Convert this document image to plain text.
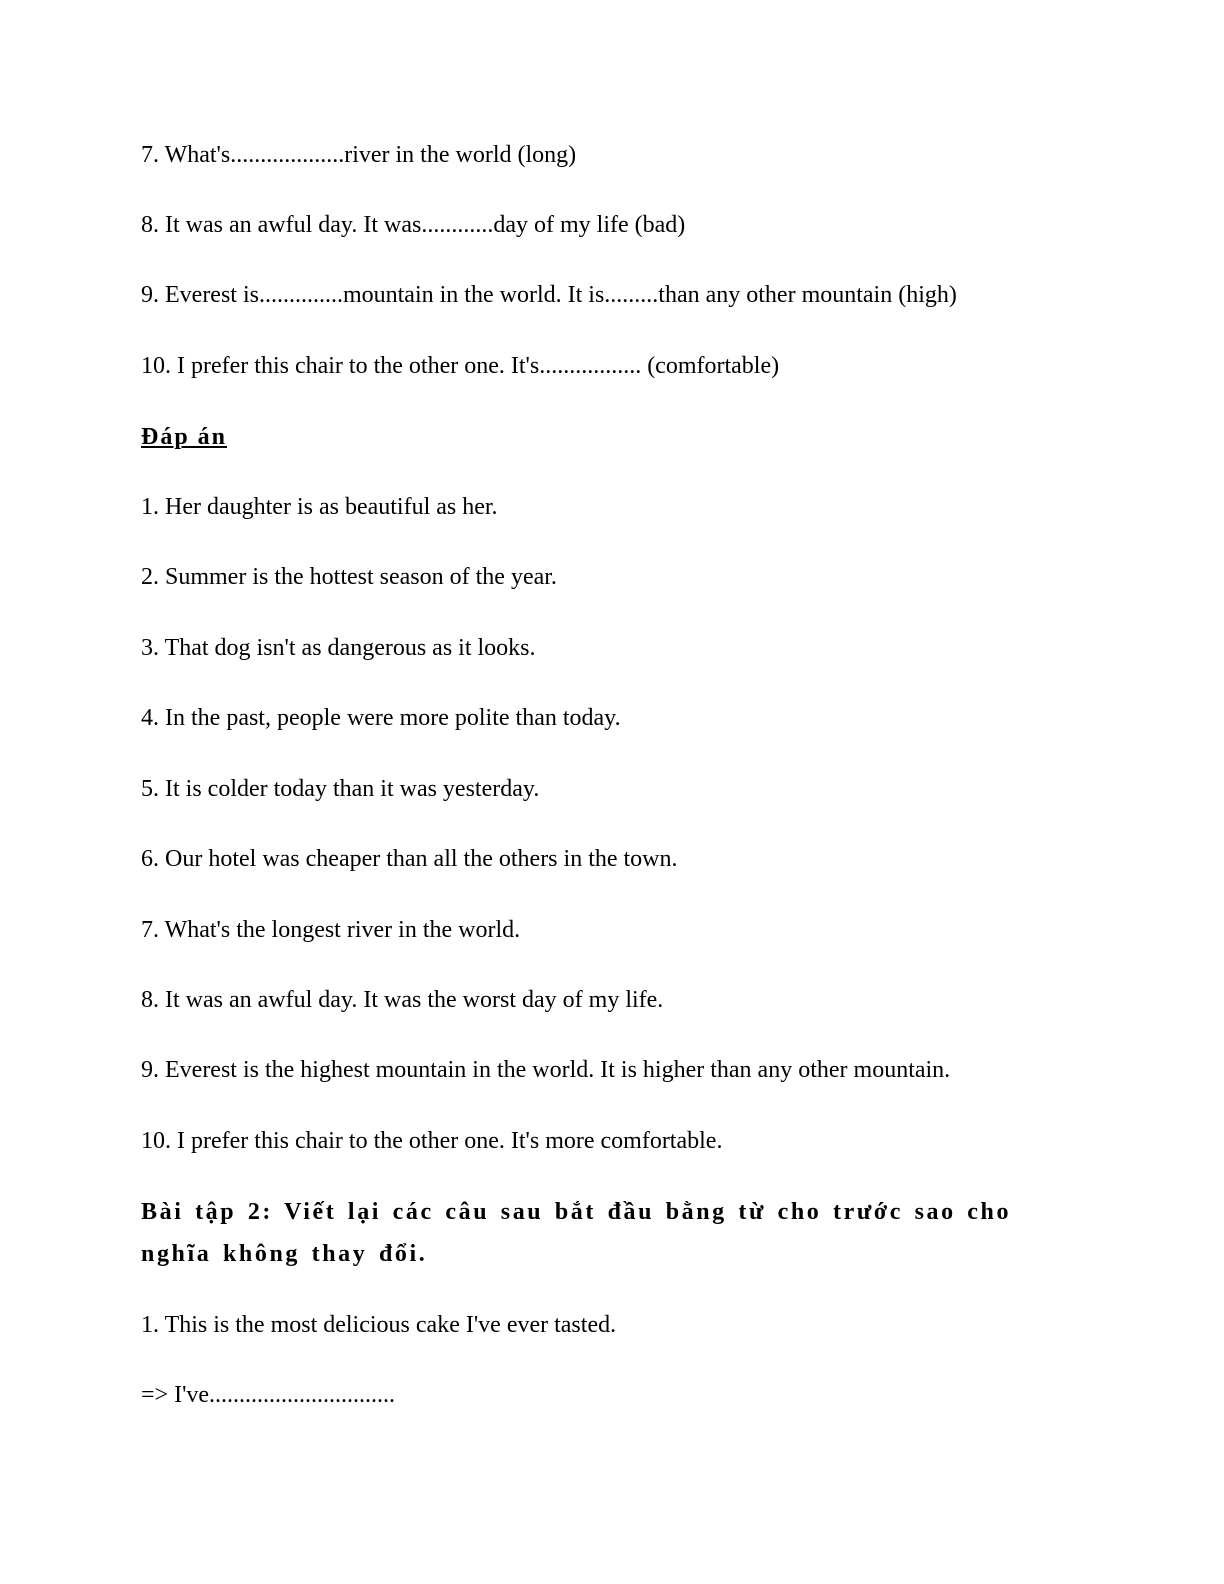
7. What's...................river in the world (long)
8. It was an awful day. It was............day of my life (bad)
9. Everest is..............mountain in the world. It is.........than any other mountain (high)
10. I prefer this chair to the other one. It's................. (comfortable)
Đáp án
1. Her daughter is as beautiful as her.
2. Summer is the hottest season of the year.
3. That dog isn't as dangerous as it looks.
4. In the past, people were more polite than today.
5. It is colder today than it was yesterday.
6. Our hotel was cheaper than all the others in the town.
7. What's the longest river in the world.
8. It was an awful day. It was the worst day of my life.
9. Everest is the highest mountain in the world. It is higher than any other mountain.
10. I prefer this chair to the other one. It's more comfortable.
Bài tập 2: Viết lại các câu sau bắt đầu bằng từ cho trước sao cho nghĩa không thay đổi.
1. This is the most delicious cake I've ever tasted.
=> I've...............................
